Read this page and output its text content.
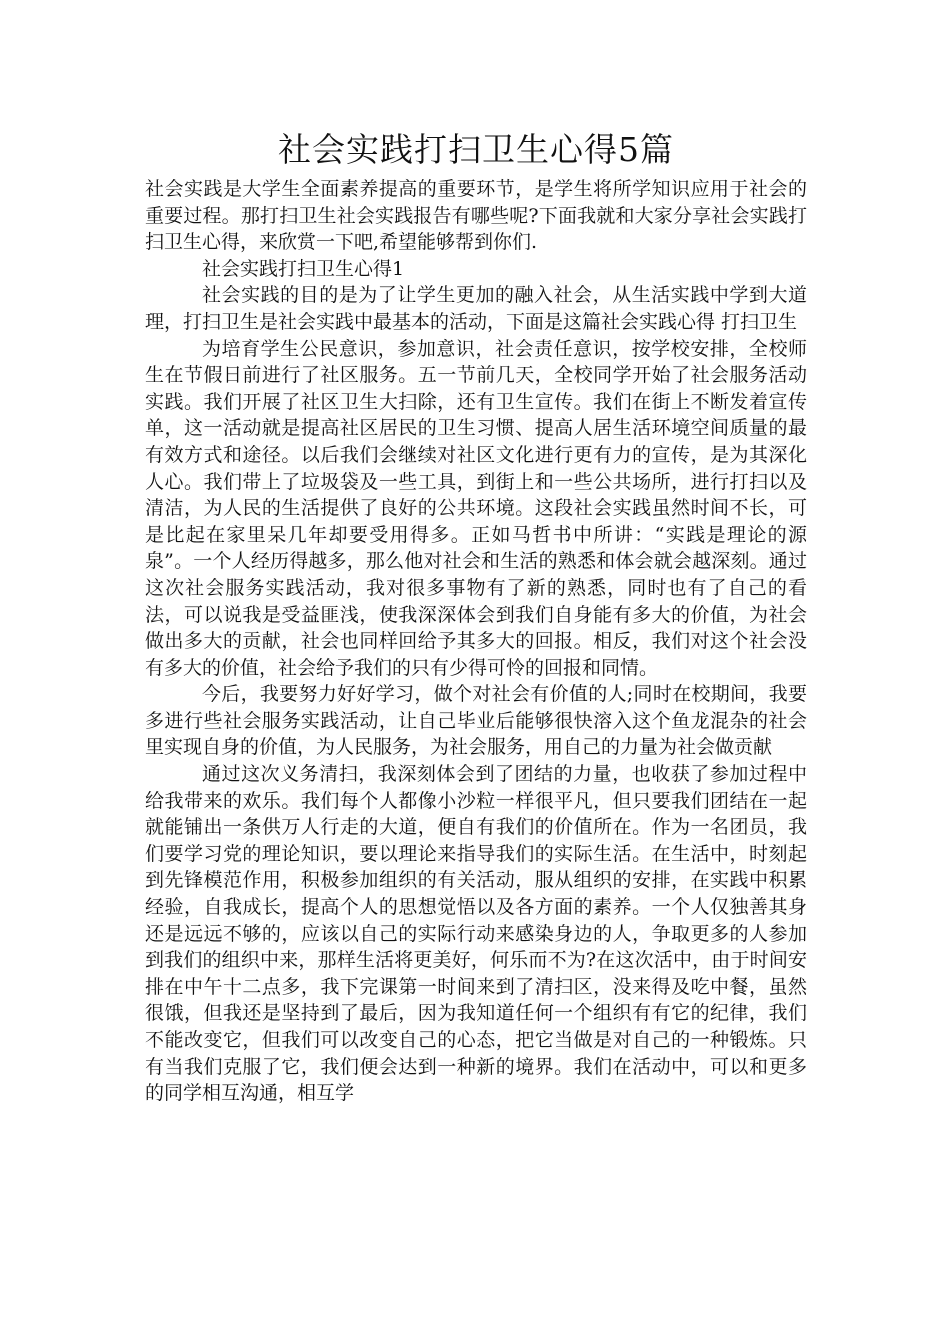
社会实践打扫卫生心得5篇

社会实践是大学生全面素养提高的重要环节，是学生将所学知识应用于社会的重要过程。那打扫卫生社会实践报告有哪些呢?下面我就和大家分享社会实践打扫卫生心得，来欣赏一下吧,希望能够帮到你们.

社会实践打扫卫生心得1

社会实践的目的是为了让学生更加的融入社会，从生活实践中学到大道理，打扫卫生是社会实践中最基本的活动，下面是这篇社会实践心得 打扫卫生

为培育学生公民意识，参加意识，社会责任意识，按学校安排，全校师生在节假日前进行了社区服务。五一节前几天，全校同学开始了社会服务活动实践。我们开展了社区卫生大扫除，还有卫生宣传。我们在街上不断发着宣传单，这一活动就是提高社区居民的卫生习惯、提高人居生活环境空间质量的最有效方式和途径。以后我们会继续对社区文化进行更有力的宣传，是为其深化人心。我们带上了垃圾袋及一些工具，到街上和一些公共场所，进行打扫以及清洁，为人民的生活提供了良好的公共环境。这段社会实践虽然时间不长，可是比起在家里呆几年却要受用得多。正如马哲书中所讲：“实践是理论的源泉”。一个人经历得越多，那么他对社会和生活的熟悉和体会就会越深刻。通过这次社会服务实践活动，我对很多事物有了新的熟悉，同时也有了自己的看法，可以说我是受益匪浅，使我深深体会到我们自身能有多大的价值，为社会做出多大的贡献，社会也同样回给予其多大的回报。相反，我们对这个社会没有多大的价值，社会给予我们的只有少得可怜的回报和同情。

今后，我要努力好好学习，做个对社会有价值的人;同时在校期间，我要多进行些社会服务实践活动，让自己毕业后能够很快溶入这个鱼龙混杂的社会里实现自身的价值，为人民服务，为社会服务，用自己的力量为社会做贡献

通过这次义务清扫，我深刻体会到了团结的力量，也收获了参加过程中给我带来的欢乐。我们每个人都像小沙粒一样很平凡，但只要我们团结在一起就能铺出一条供万人行走的大道，便自有我们的价值所在。作为一名团员，我们要学习党的理论知识，要以理论来指导我们的实际生活。在生活中，时刻起到先锋模范作用，积极参加组织的有关活动，服从组织的安排，在实践中积累经验，自我成长，提高个人的思想觉悟以及各方面的素养。一个人仅独善其身还是远远不够的，应该以自己的实际行动来感染身边的人，争取更多的人参加到我们的组织中来，那样生活将更美好，何乐而不为?在这次活中，由于时间安排在中午十二点多，我下完课第一时间来到了清扫区，没来得及吃中餐，虽然很饿，但我还是坚持到了最后，因为我知道任何一个组织有有它的纪律，我们不能改变它，但我们可以改变自己的心态，把它当做是对自己的一种锻炼。只有当我们克服了它，我们便会达到一种新的境界。我们在活动中，可以和更多的同学相互沟通，相互学
